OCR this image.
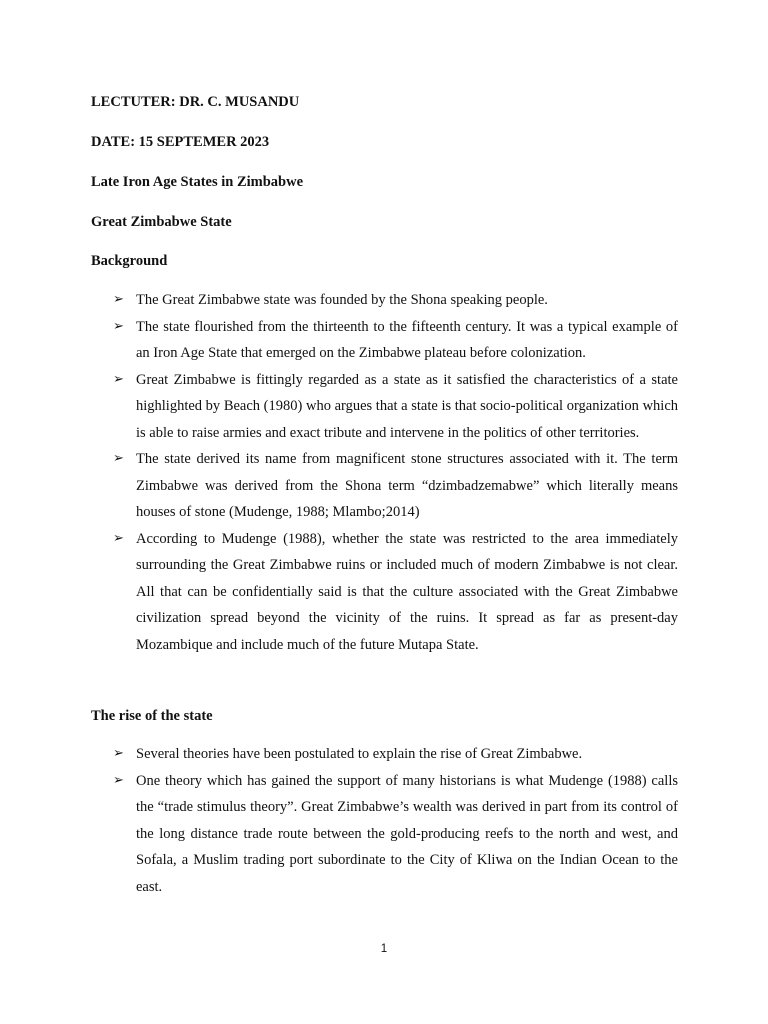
LECTUTER: DR. C. MUSANDU

DATE: 15 SEPTEMER 2023

Late Iron Age States in Zimbabwe

Great Zimbabwe State

Background

➢ The Great Zimbabwe state was founded by the Shona speaking people.
➢ The state flourished from the thirteenth to the fifteenth century. It was a typical example of an Iron Age State that emerged on the Zimbabwe plateau before colonization.
➢ Great Zimbabwe is fittingly regarded as a state as it satisfied the characteristics of a state highlighted by Beach (1980) who argues that a state is that socio-political organization which is able to raise armies and exact tribute and intervene in the politics of other territories.
➢ The state derived its name from magnificent stone structures associated with it. The term Zimbabwe was derived from the Shona term “dzimbadzemabwe” which literally means houses of stone (Mudenge, 1988; Mlambo;2014)
➢ According to Mudenge (1988), whether the state was restricted to the area immediately surrounding the Great Zimbabwe ruins or included much of modern Zimbabwe is not clear. All that can be confidentially said is that the culture associated with the Great Zimbabwe civilization spread beyond the vicinity of the ruins. It spread as far as present-day Mozambique and include much of the future Mutapa State.

The rise of the state

➢ Several theories have been postulated to explain the rise of Great Zimbabwe.
➢ One theory which has gained the support of many historians is what Mudenge (1988) calls the “trade stimulus theory”. Great Zimbabwe’s wealth was derived in part from its control of the long distance trade route between the gold-producing reefs to the north and west, and Sofala, a Muslim trading port subordinate to the City of Kliwa on the Indian Ocean to the east.
1
